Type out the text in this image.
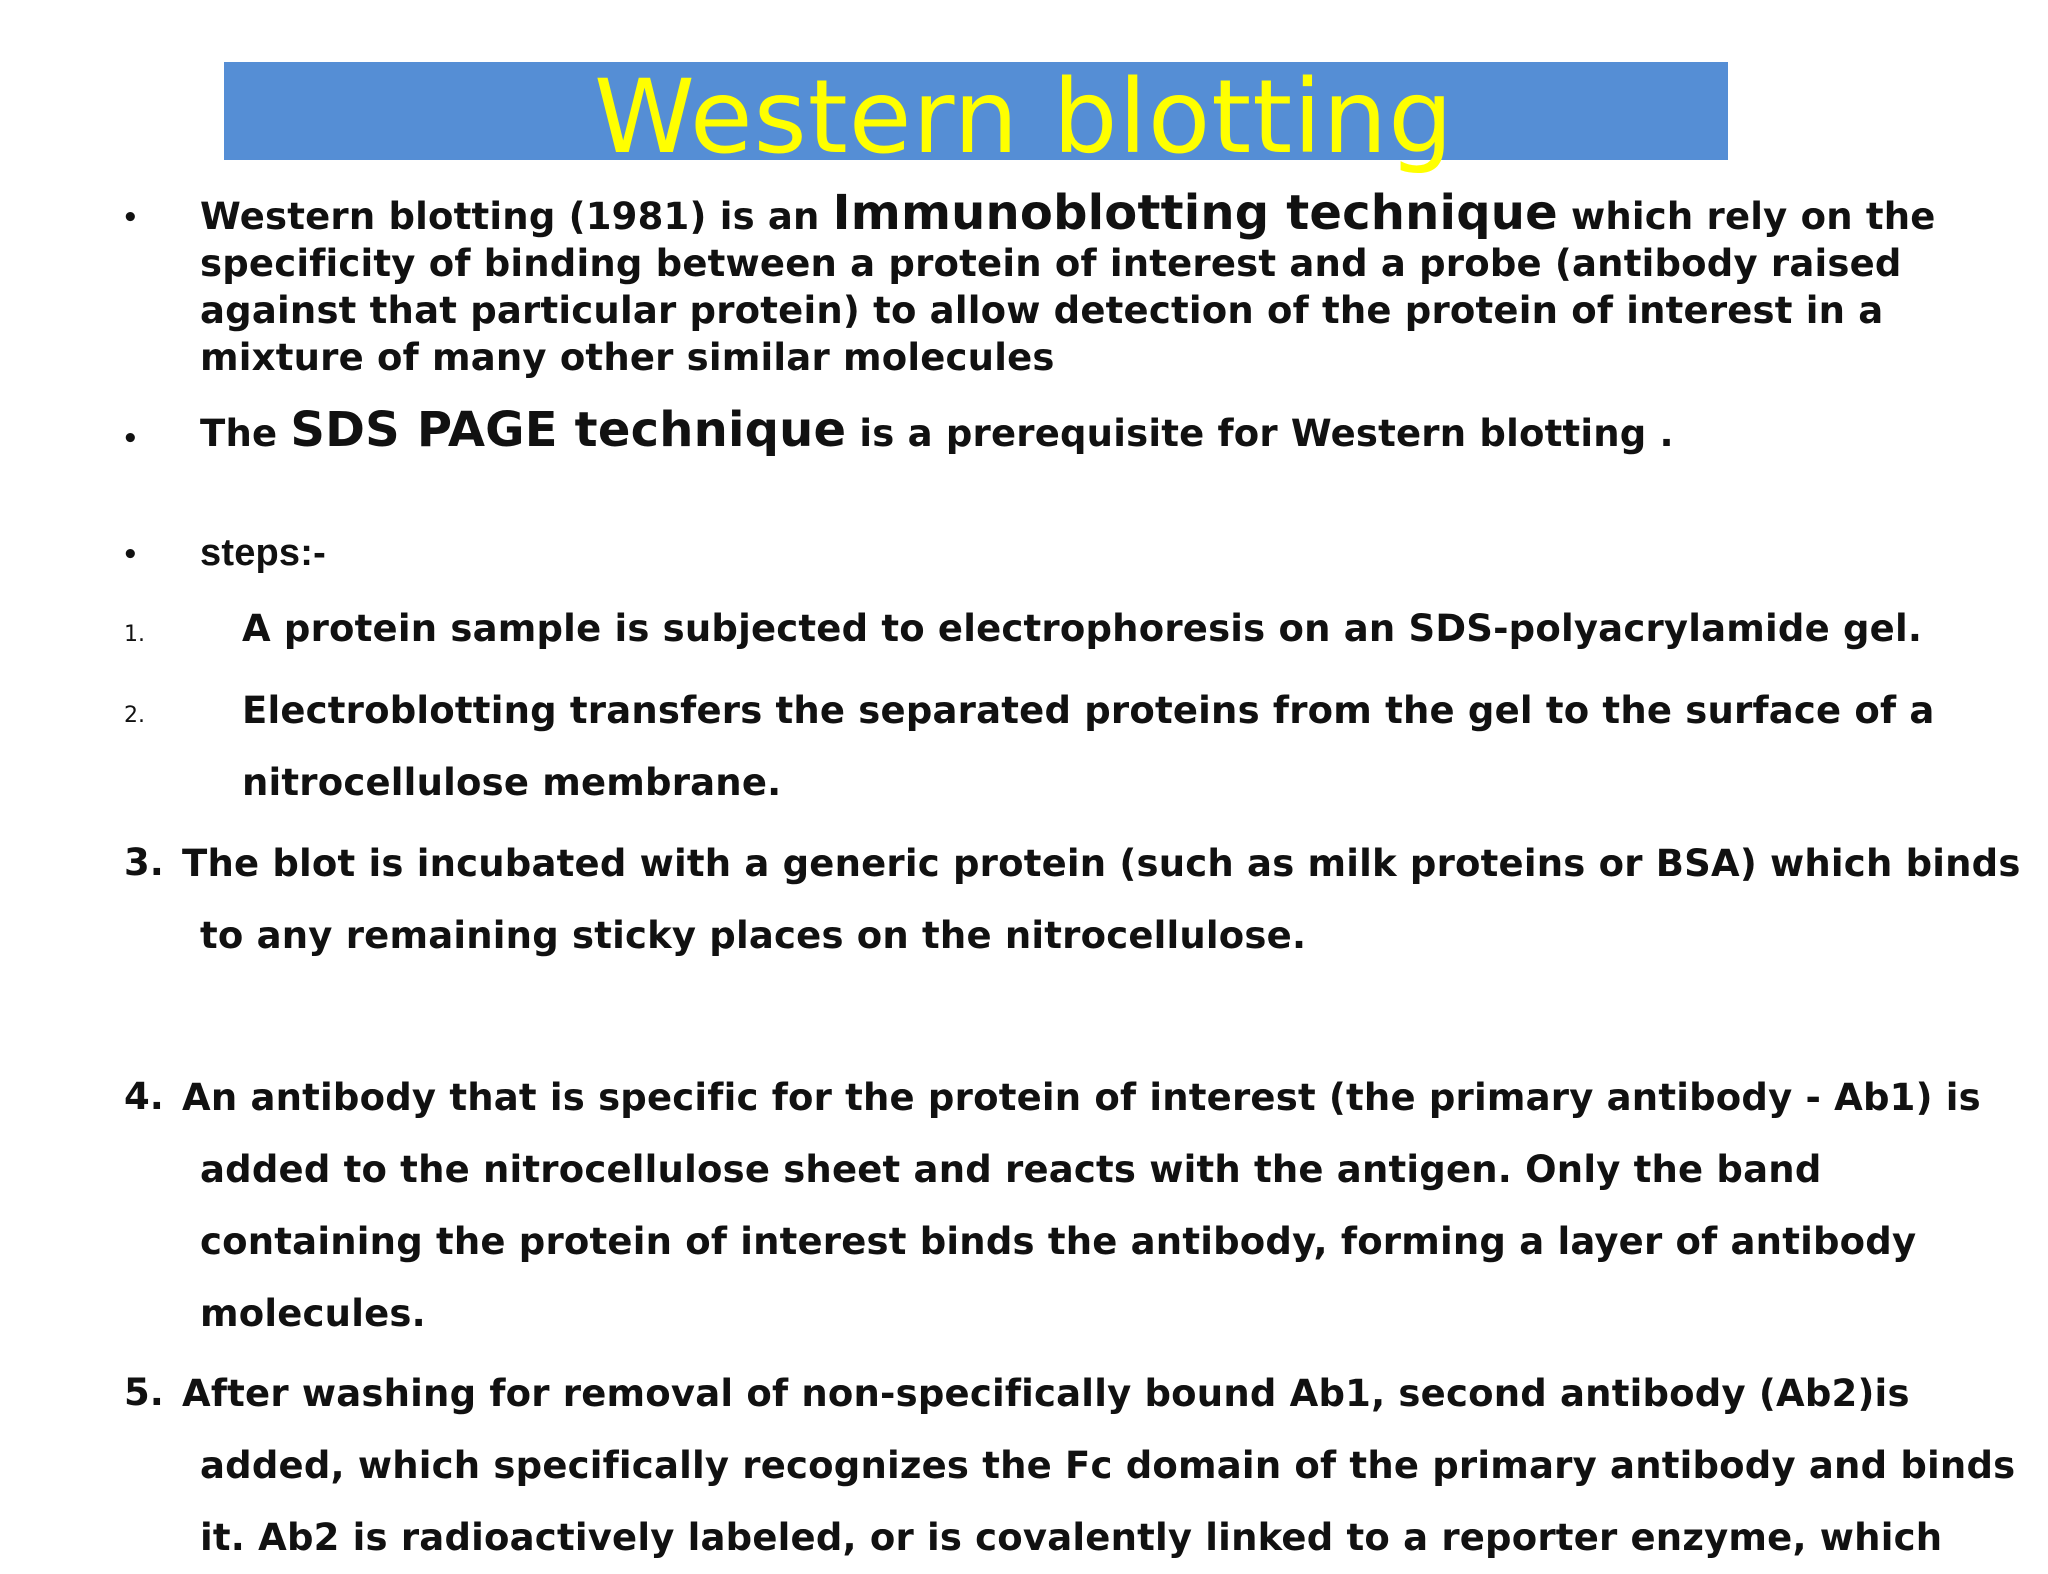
Western blotting
• Western blotting (1981) is an Immunoblotting technique which rely on the
specificity of binding between a protein of interest and a probe (antibody raised
against that particular protein) to allow detection of the protein of interest in a
mixture of many other similar molecules
• The SDS PAGE technique is a prerequisite for Western blotting .
• steps:-
1.	A protein sample is subjected to electrophoresis on an SDS-polyacrylamide gel.
2.	Electroblotting transfers the separated proteins from the gel to the surface of a
nitrocellulose membrane.
3. The blot is incubated with a generic protein (such as milk proteins or BSA) which binds
to any remaining sticky places on the nitrocellulose.
4. An antibody that is specific for the protein of interest (the primary antibody - Ab1) is
added to the nitrocellulose sheet and reacts with the antigen. Only the band
containing the protein of interest binds the antibody, forming a layer of antibody
molecules.
5. After washing for removal of non-specifically bound Ab1, second antibody (Ab2)is
added, which specifically recognizes the Fc domain of the primary antibody and binds
it. Ab2 is radioactively labeled, or is covalently linked to a reporter enzyme, which
